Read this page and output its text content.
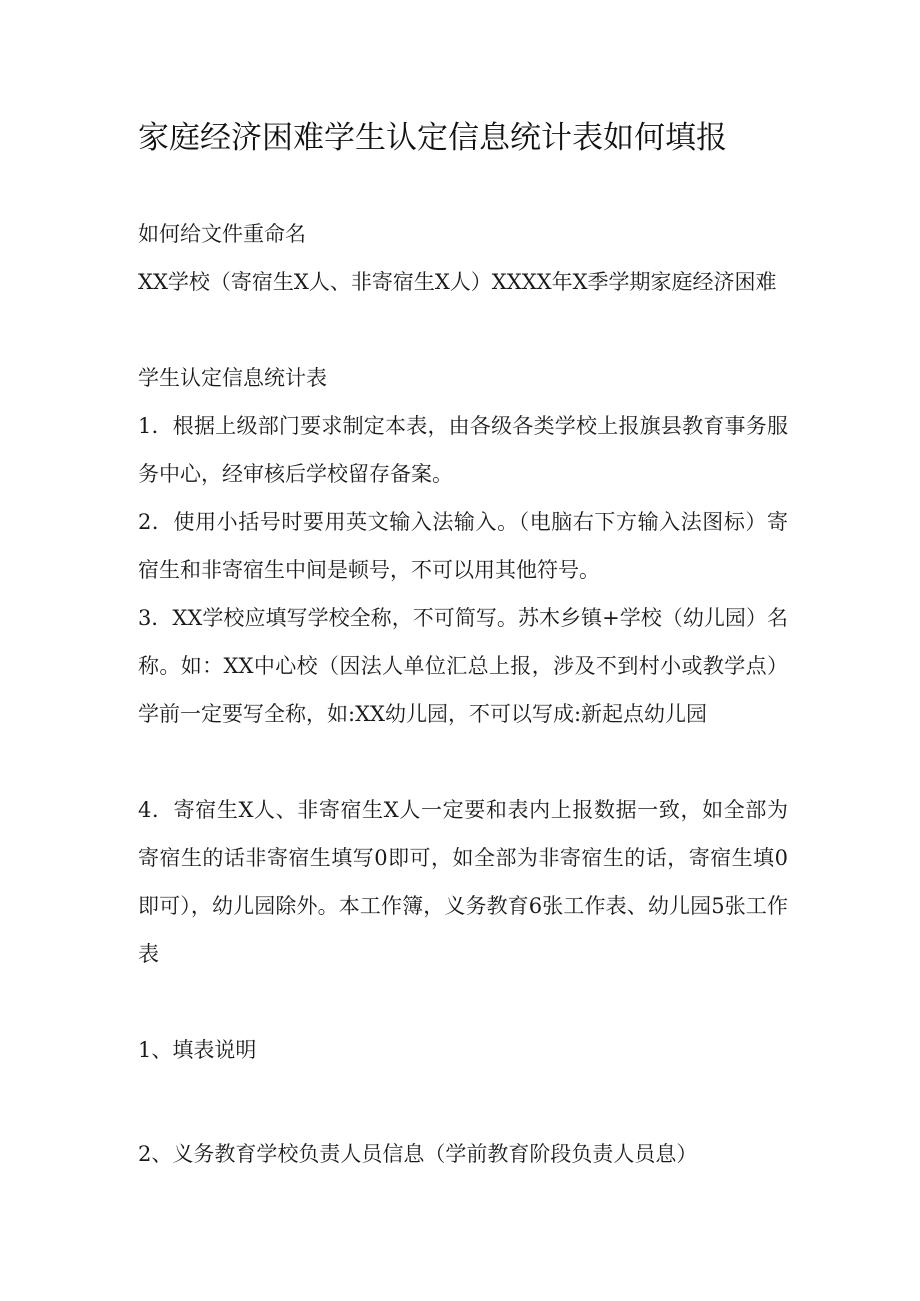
家庭经济困难学生认定信息统计表如何填报
如何给文件重命名
XX学校（寄宿生X人、非寄宿生X人）XXXX年X季学期家庭经济困难
学生认定信息统计表
1．根据上级部门要求制定本表，由各级各类学校上报旗县教育事务服务中心，经审核后学校留存备案。
2．使用小括号时要用英文输入法输入。（电脑右下方输入法图标）寄宿生和非寄宿生中间是顿号，不可以用其他符号。
3．XX学校应填写学校全称，不可简写。苏木乡镇+学校（幼儿园）名称。如：XX中心校（因法人单位汇总上报，涉及不到村小或教学点）学前一定要写全称，如:XX幼儿园，不可以写成:新起点幼儿园
4．寄宿生X人、非寄宿生X人一定要和表内上报数据一致，如全部为寄宿生的话非寄宿生填写0即可，如全部为非寄宿生的话，寄宿生填0即可），幼儿园除外。本工作簿，义务教育6张工作表、幼儿园5张工作表
1、填表说明
2、义务教育学校负责人员信息（学前教育阶段负责人员息）
